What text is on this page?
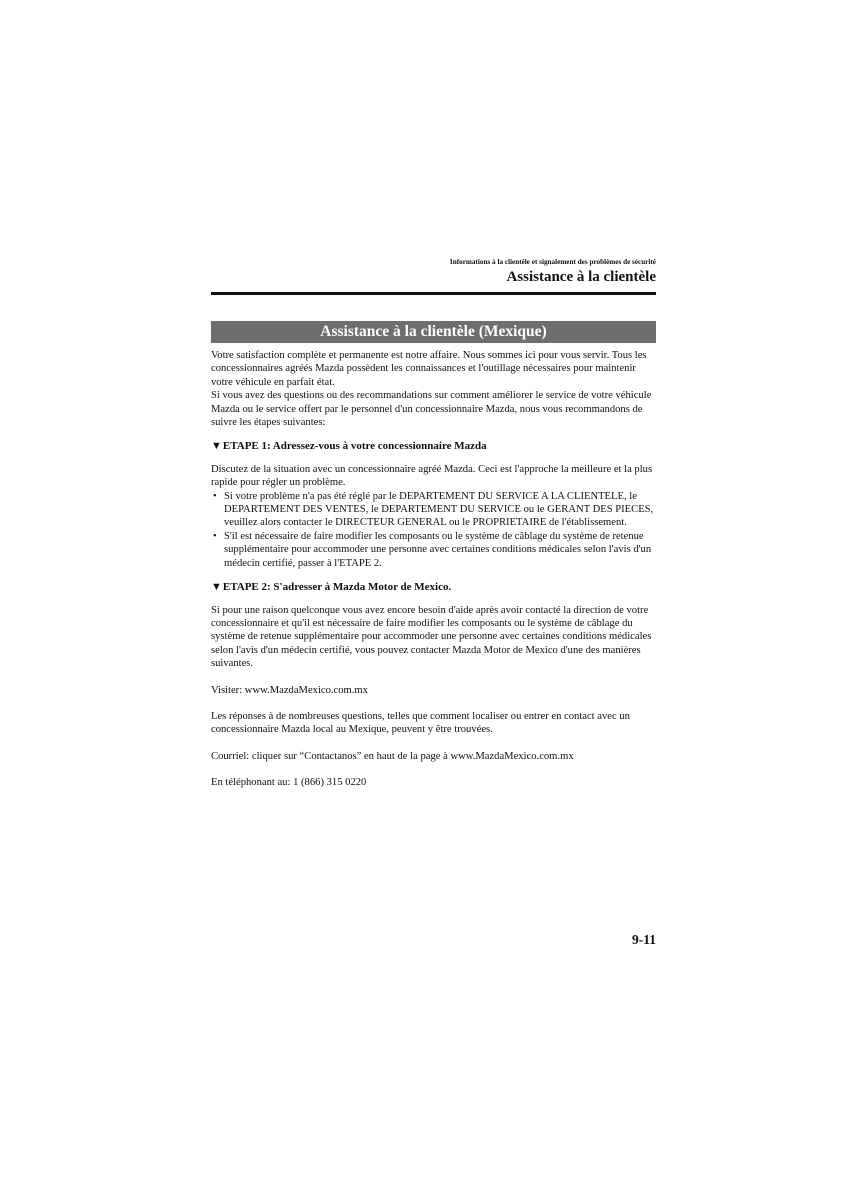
Informations à la clientèle et signalement des problèmes de sécurité
Assistance à la clientèle
Assistance à la clientèle (Mexique)

Votre satisfaction complète et permanente est notre affaire. Nous sommes ici pour vous servir. Tous les concessionnaires agréés Mazda possèdent les connaissances et l'outillage nécessaires pour maintenir votre véhicule en parfait état.

Si vous avez des questions ou des recommandations sur comment améliorer le service de votre véhicule Mazda ou le service offert par le personnel d'un concessionnaire Mazda, nous vous recommandons de suivre les étapes suivantes:

▼ETAPE 1: Adressez-vous à votre concessionnaire Mazda

Discutez de la situation avec un concessionnaire agréé Mazda. Ceci est l'approche la meilleure et la plus rapide pour régler un problème.

• Si votre problème n'a pas été réglé par le DEPARTEMENT DU SERVICE A LA CLIENTELE, le DEPARTEMENT DES VENTES, le DEPARTEMENT DU SERVICE ou le GERANT DES PIECES, veuillez alors contacter le DIRECTEUR GENERAL ou le PROPRIETAIRE de l'établissement.
• S'il est nécessaire de faire modifier les composants ou le système de câblage du système de retenue supplémentaire pour accommoder une personne avec certaines conditions médicales selon l'avis d'un médecin certifié, passer à l'ETAPE 2.
▼ETAPE 2: S'adresser à Mazda Motor de Mexico.

Si pour une raison quelconque vous avez encore besoin d'aide après avoir contacté la direction de votre concessionnaire et qu'il est nécessaire de faire modifier les composants ou le système de câblage du système de retenue supplémentaire pour accommoder une personne avec certaines conditions médicales selon l'avis d'un médecin certifié, vous pouvez contacter Mazda Motor de Mexico d'une des manières suivantes.

Visiter: www.MazdaMexico.com.mx

Les réponses à de nombreuses questions, telles que comment localiser ou entrer en contact avec un concessionnaire Mazda local au Mexique, peuvent y être trouvées.

Courriel: cliquer sur “Contactanos” en haut de la page à www.MazdaMexico.com.mx

En téléphonant au: 1 (866) 315 0220

9-11
